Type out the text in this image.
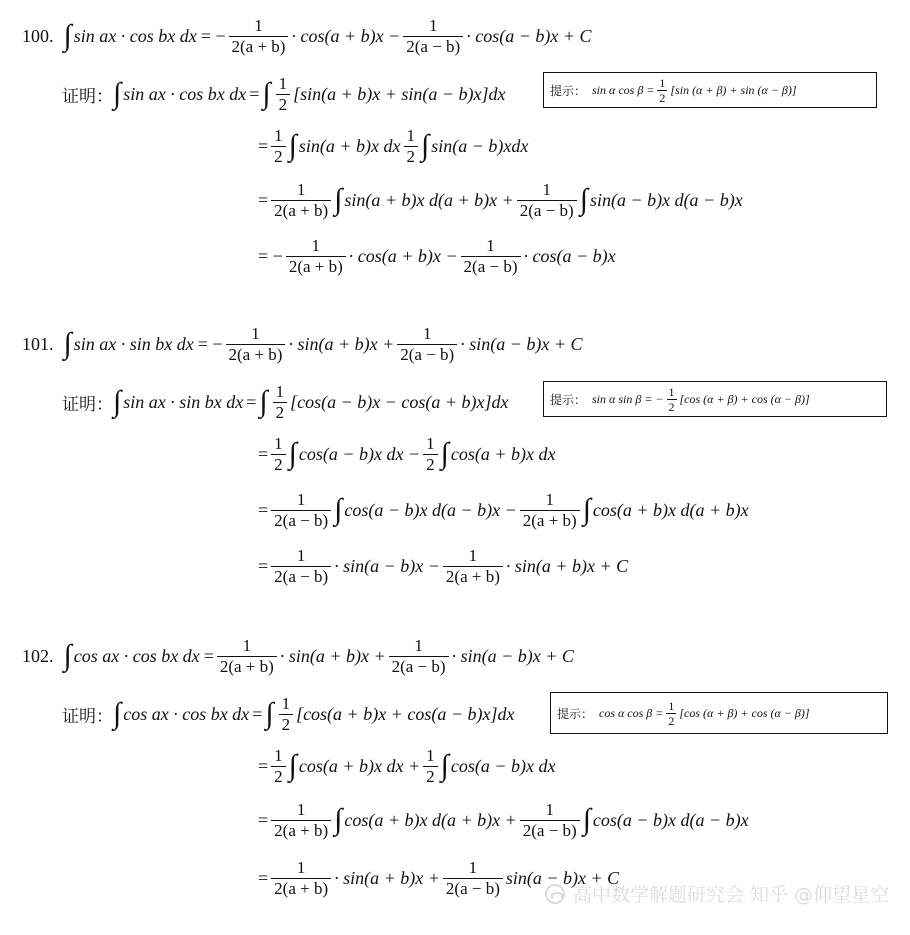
100. ∫ sin ax · cos bx dx = − $\frac{1}{2(a + b)} \cdot \cos(a + b)x - \frac{1}{2(a - b)} \cdot \cos(a - b)x + C$
证明： ∫ sin ax · cos bx dx = ∫ $\frac{1}{2} [\sin(a + b)x + \sin(a - b)x]dx$	提示： sin α $\cos \beta = \frac{1}{2} [\sin$ (α + β) + sin (α − β)]
= $\frac{1}{2}$ ∫ sin(a + b)x dx $\frac{1}{2}$ ∫ sin(a − b)xdx
= $\frac{1}{2(a + b)}$ ∫ sin(a + b)x $d(a + b)x + \frac{1}{2(a - b)}$ ∫ sin(a − b)x d(a − b)x
= − $\frac{1}{2(a + b)} \cdot \cos(a + b)x - \frac{1}{2(a - b)} \cdot \cos(a - b)x$
101. ∫ sin ax · sin bx dx = − $\frac{1}{2(a + b)} \cdot \sin(a + b)x + \frac{1}{2(a - b)} \cdot \sin(a - b)x + C$
证明： ∫ sin ax · sin bx dx = ∫ $\frac{1}{2} [\cos(a - b)x - \cos(a + b)x]dx$	提示： sin α sin β = − $\frac{1}{2} [\cos$ (α + β) + cos (α − β)]
= $\frac{1}{2}$ ∫ cos(a − b)x dx − $\frac{1}{2}$ ∫ cos(a + b)x dx
= $\frac{1}{2(a - b)}$ ∫ cos(a − b)x $d(a - b)x - \frac{1}{2(a + b)}$ ∫ cos(a + b)x d(a + b)x
= $\frac{1}{2(a - b)} \cdot \sin(a - b)x - \frac{1}{2(a + b)} \cdot \sin(a + b)x + C$
102. ∫ cos ax · cos bx dx = $\frac{1}{2(a + b)} \cdot \sin(a + b)x + \frac{1}{2(a - b)} \cdot \sin(a - b)x + C$
证明： ∫ cos ax · cos bx dx = ∫ $\frac{1}{2} [\cos(a + b)x + \cos(a - b)x]dx$	提示： cos α $\cos \beta = \frac{1}{2} [\cos$ (α + β) + cos (α − β)]
= $\frac{1}{2}$ ∫ cos(a + b)x dx + $\frac{1}{2}$ ∫ cos(a − b)x dx
= $\frac{1}{2(a + b)}$ ∫ cos(a + b)x $d(a + b)x + \frac{1}{2(a - b)}$ ∫ cos(a − b)x d(a − b)x
= $\frac{1}{2(a + b)} \cdot \sin(a + b)x + \frac{1}{2(a - b)} \sin(a - b)x + C$
高中数学解题研究会 知乎 @仰望星空
